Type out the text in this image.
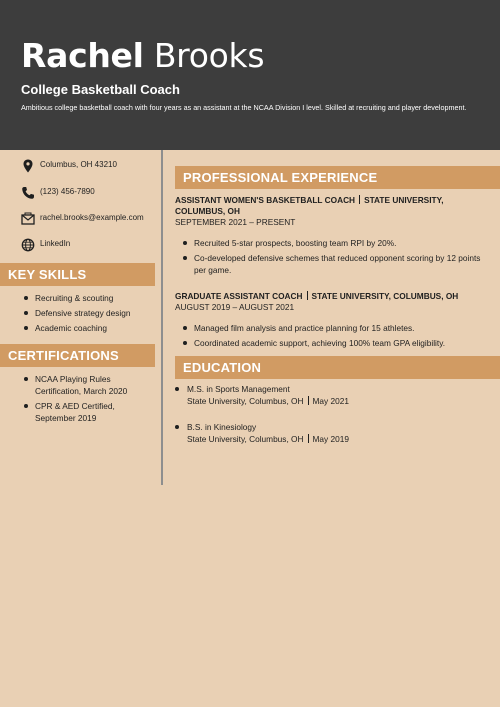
Rachel Brooks
College Basketball Coach
Ambitious college basketball coach with four years as an assistant at the NCAA Division I level. Skilled at recruiting and player development.
Columbus, OH 43210
(123) 456-7890
rachel.brooks@example.com
LinkedIn
KEY SKILLS
Recruiting & scouting
Defensive strategy design
Academic coaching
CERTIFICATIONS
NCAA Playing Rules Certification, March 2020
CPR & AED Certified, September 2019
PROFESSIONAL EXPERIENCE
ASSISTANT WOMEN'S BASKETBALL COACH STATE UNIVERSITY, COLUMBUS, OH
SEPTEMBER 2021 – PRESENT
Recruited 5-star prospects, boosting team RPI by 20%.
Co-developed defensive schemes that reduced opponent scoring by 12 points per game.
GRADUATE ASSISTANT COACH STATE UNIVERSITY, COLUMBUS, OH
AUGUST 2019 – AUGUST 2021
Managed film analysis and practice planning for 15 athletes.
Coordinated academic support, achieving 100% team GPA eligibility.
EDUCATION
M.S. in Sports Management
State University, Columbus, OH May 2021
B.S. in Kinesiology
State University, Columbus, OH May 2019
